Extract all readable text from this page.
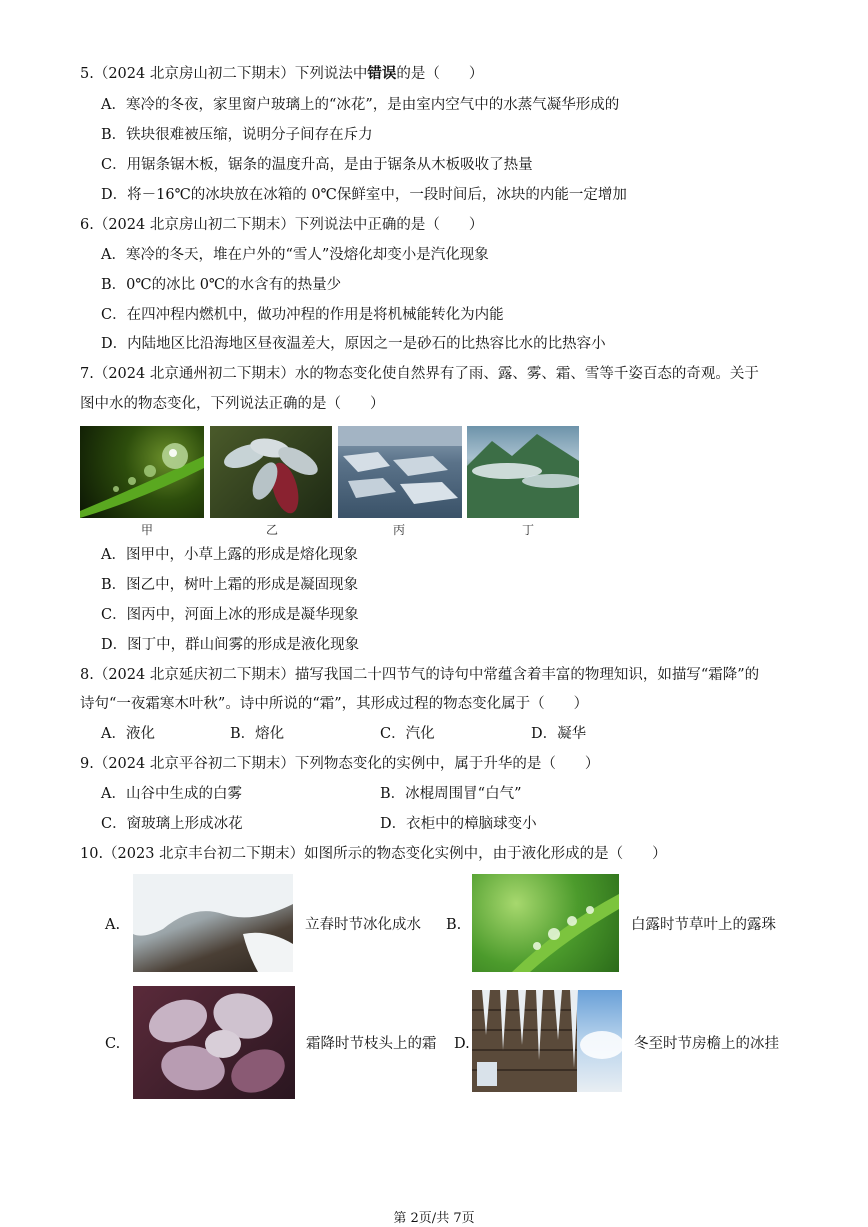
5.（2024 北京房山初二下期末）下列说法中错误的是（　　）
A．寒冷的冬夜，家里窗户玻璃上的“冰花”，是由室内空气中的水蒸气凝华形成的
B．铁块很难被压缩，说明分子间存在斥力
C．用锯条锯木板，锯条的温度升高，是由于锯条从木板吸收了热量
D．将－16℃的冰块放在冰箱的 0℃保鲜室中，一段时间后，冰块的内能一定增加
6.（2024 北京房山初二下期末）下列说法中正确的是（　　）
A．寒冷的冬天，堆在户外的“雪人”没熔化却变小是汽化现象
B．0℃的冰比 0℃的水含有的热量少
C．在四冲程内燃机中，做功冲程的作用是将机械能转化为内能
D．内陆地区比沿海地区昼夜温差大，原因之一是砂石的比热容比水的比热容小
7.（2024 北京通州初二下期末）水的物态变化使自然界有了雨、露、雾、霜、雪等千姿百态的奇观。关于
图中水的物态变化，下列说法正确的是（　　）
甲	乙	丙	丁
A．图甲中，小草上露的形成是熔化现象
B．图乙中，树叶上霜的形成是凝固现象
C．图丙中，河面上冰的形成是凝华现象
D．图丁中，群山间雾的形成是液化现象
8.（2024 北京延庆初二下期末）描写我国二十四节气的诗句中常蕴含着丰富的物理知识，如描写“霜降”的
诗句“一夜霜寒木叶秋”。诗中所说的“霜”，其形成过程的物态变化属于（　　）
A．液化	B．熔化	C．汽化	D．凝华
9.（2024 北京平谷初二下期末）下列物态变化的实例中，属于升华的是（　　）
A．山谷中生成的白雾	B．冰棍周围冒“白气”
C．窗玻璃上形成冰花	D．衣柜中的樟脑球变小
10.（2023 北京丰台初二下期末）如图所示的物态变化实例中，由于液化形成的是（　　）
A.	立春时节冰化成水 B.	白露时节草叶上的露珠
C.	霜降时节枝头上的霜 D.	冬至时节房檐上的冰挂
第 2页/共 7页
